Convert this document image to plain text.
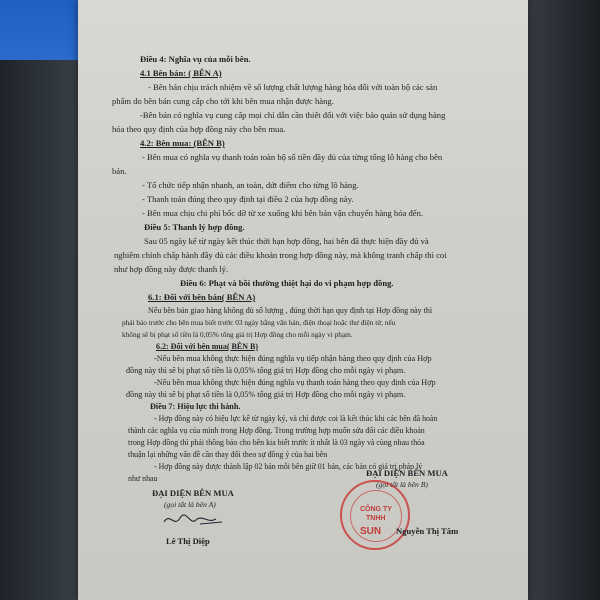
Điều 4: Nghĩa vụ của mỗi bên.
4.1 Bên bán: ( BÊN A)
- Bên bán chịu trách nhiệm về số lượng chất lượng hàng hóa đối với toàn bộ các sản
phẩm do bên bán cung cấp cho tới khi bên mua nhận được hàng.
-Bên bán có nghĩa vụ cung cấp mọi chỉ dẫn cần thiết đối với việc bảo quản sử dụng hàng
hóa theo quy định của hợp đồng này cho bên mua.
4.2: Bên mua: (BÊN B)
- Bên mua có nghĩa vụ thanh toán toàn bộ số tiền đầy đủ của từng tổng lô hàng cho bên
bán.
- Tổ chức tiếp nhận nhanh, an toàn, dứt điểm cho từng lô hàng.
- Thanh toán đúng theo quy định tại điều 2 của hợp đồng này.
- Bên mua chịu chi phí bốc dỡ từ xe xuống khi bên bán vận chuyển hàng hóa đến.
Điều 5: Thanh lý hợp đồng.
Sau 05 ngày kể từ ngày kết thúc thời hạn hợp đồng, hai bên đã thực hiện đầy đủ và
nghiêm chỉnh chấp hành đầy đủ các điều khoản trong hợp đồng này, mà không tranh chấp thì coi
như hợp đồng này được thanh lý.
Điều 6: Phạt và bồi thường thiệt hại do vi phạm hợp đồng.
6.1: Đối với bên bán( BÊN A)
Nếu bên bán giao hàng không đủ số lượng , đúng thời hạn quy định tại Hợp đồng này thì
phải báo trước cho bên mua biết trước 03 ngày bằng văn bản, điện thoại hoặc thư điện tử, nếu
không sẽ bị phạt số tiền là 0,05% tổng giá trị Hợp đồng cho mỗi ngày vi phạm.
6.2: Đối với bên mua( BÊN B)
-Nếu bên mua không thực hiện đúng nghĩa vụ tiếp nhận hàng theo quy định của Hợp
đồng này thì sẽ bị phạt số tiền là 0,05% tổng giá trị Hợp đồng cho mỗi ngày vi phạm.
-Nếu bên mua không thực hiện đúng nghĩa vụ thanh toán hàng theo quy định của Hợp
đồng này thì sẽ bị phạt số tiền là 0,05% tổng giá trị Hợp đồng cho mỗi ngày vi phạm.
Điều 7: Hiệu lực thi hành.
- Hợp đồng này có hiệu lực kể từ ngày ký, và chỉ được coi là kết thúc khi các bên đã hoàn
thành các nghĩa vụ của mình trong Hợp đồng. Trong trường hợp muốn sửa đổi các điều khoản
trong Hợp đồng thì phải thông báo cho bên kia biết trước ít nhất là 03 ngày và cùng nhau thỏa
thuận lại những vấn đề cần thay đổi theo sự đồng ý của hai bên
- Hợp đồng này được thành lập 02 bản mỗi bên giữ 01 bản, các bản có giá trị pháp lý
như nhau
ĐẠI DIỆN BÊN MUA
(gọi tắt là bên A)
Lê Thị Diệp
ĐẠI DIỆN BÊN MUA
(gọi tắt là bên B)
CÔNG TY
TNHH
SUN Nguyễn Thị Tâm
